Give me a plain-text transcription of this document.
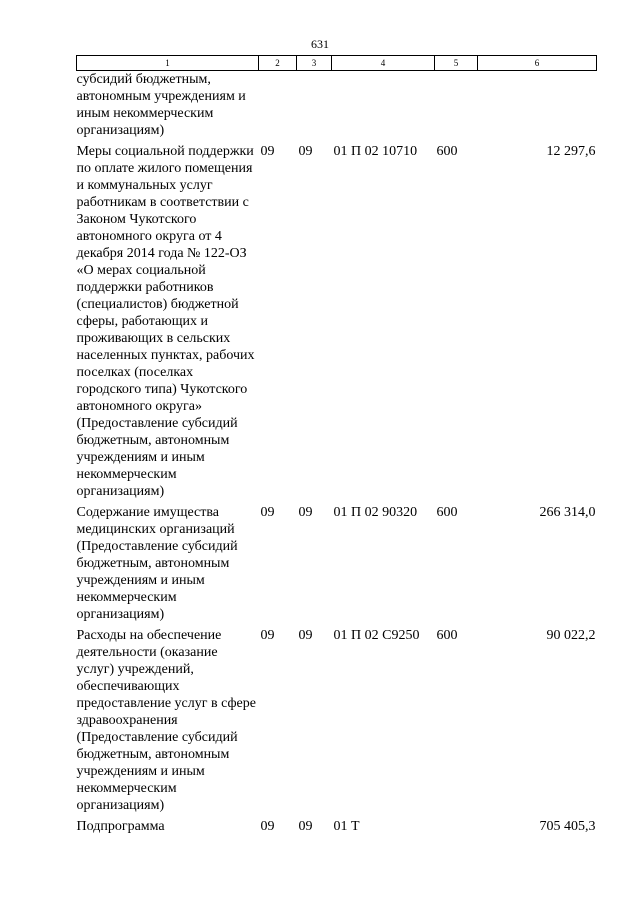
631
1	2	3	4	5	6
субсидий бюджетным, автономным учреждениям и иным некоммерческим организациям)					
Меры социальной поддержки по оплате жилого помещения и коммунальных услуг работникам в соответствии с Законом Чукотского автономного округа от 4 декабря 2014 года № 122-ОЗ «О мерах социальной поддержки работников (специалистов) бюджетной сферы, работающих и проживающих в сельских населенных пунктах, рабочих поселках (поселках городского типа) Чукотского автономного округа» (Предоставление субсидий бюджетным, автономным учреждениям и иным некоммерческим организациям)	09	09	01 П 02 10710	600	12 297,6
Содержание имущества медицинских организаций (Предоставление субсидий бюджетным, автономным учреждениям и иным некоммерческим организациям)	09	09	01 П 02 90320	600	266 314,0
Расходы на обеспечение деятельности (оказание услуг) учреждений, обеспечивающих предоставление услуг в сфере здравоохранения (Предоставление субсидий бюджетным, автономным учреждениям и иным некоммерческим организациям)	09	09	01 П 02 С9250	600	90 022,2
Подпрограмма	09	09	01 Т		705 405,3
